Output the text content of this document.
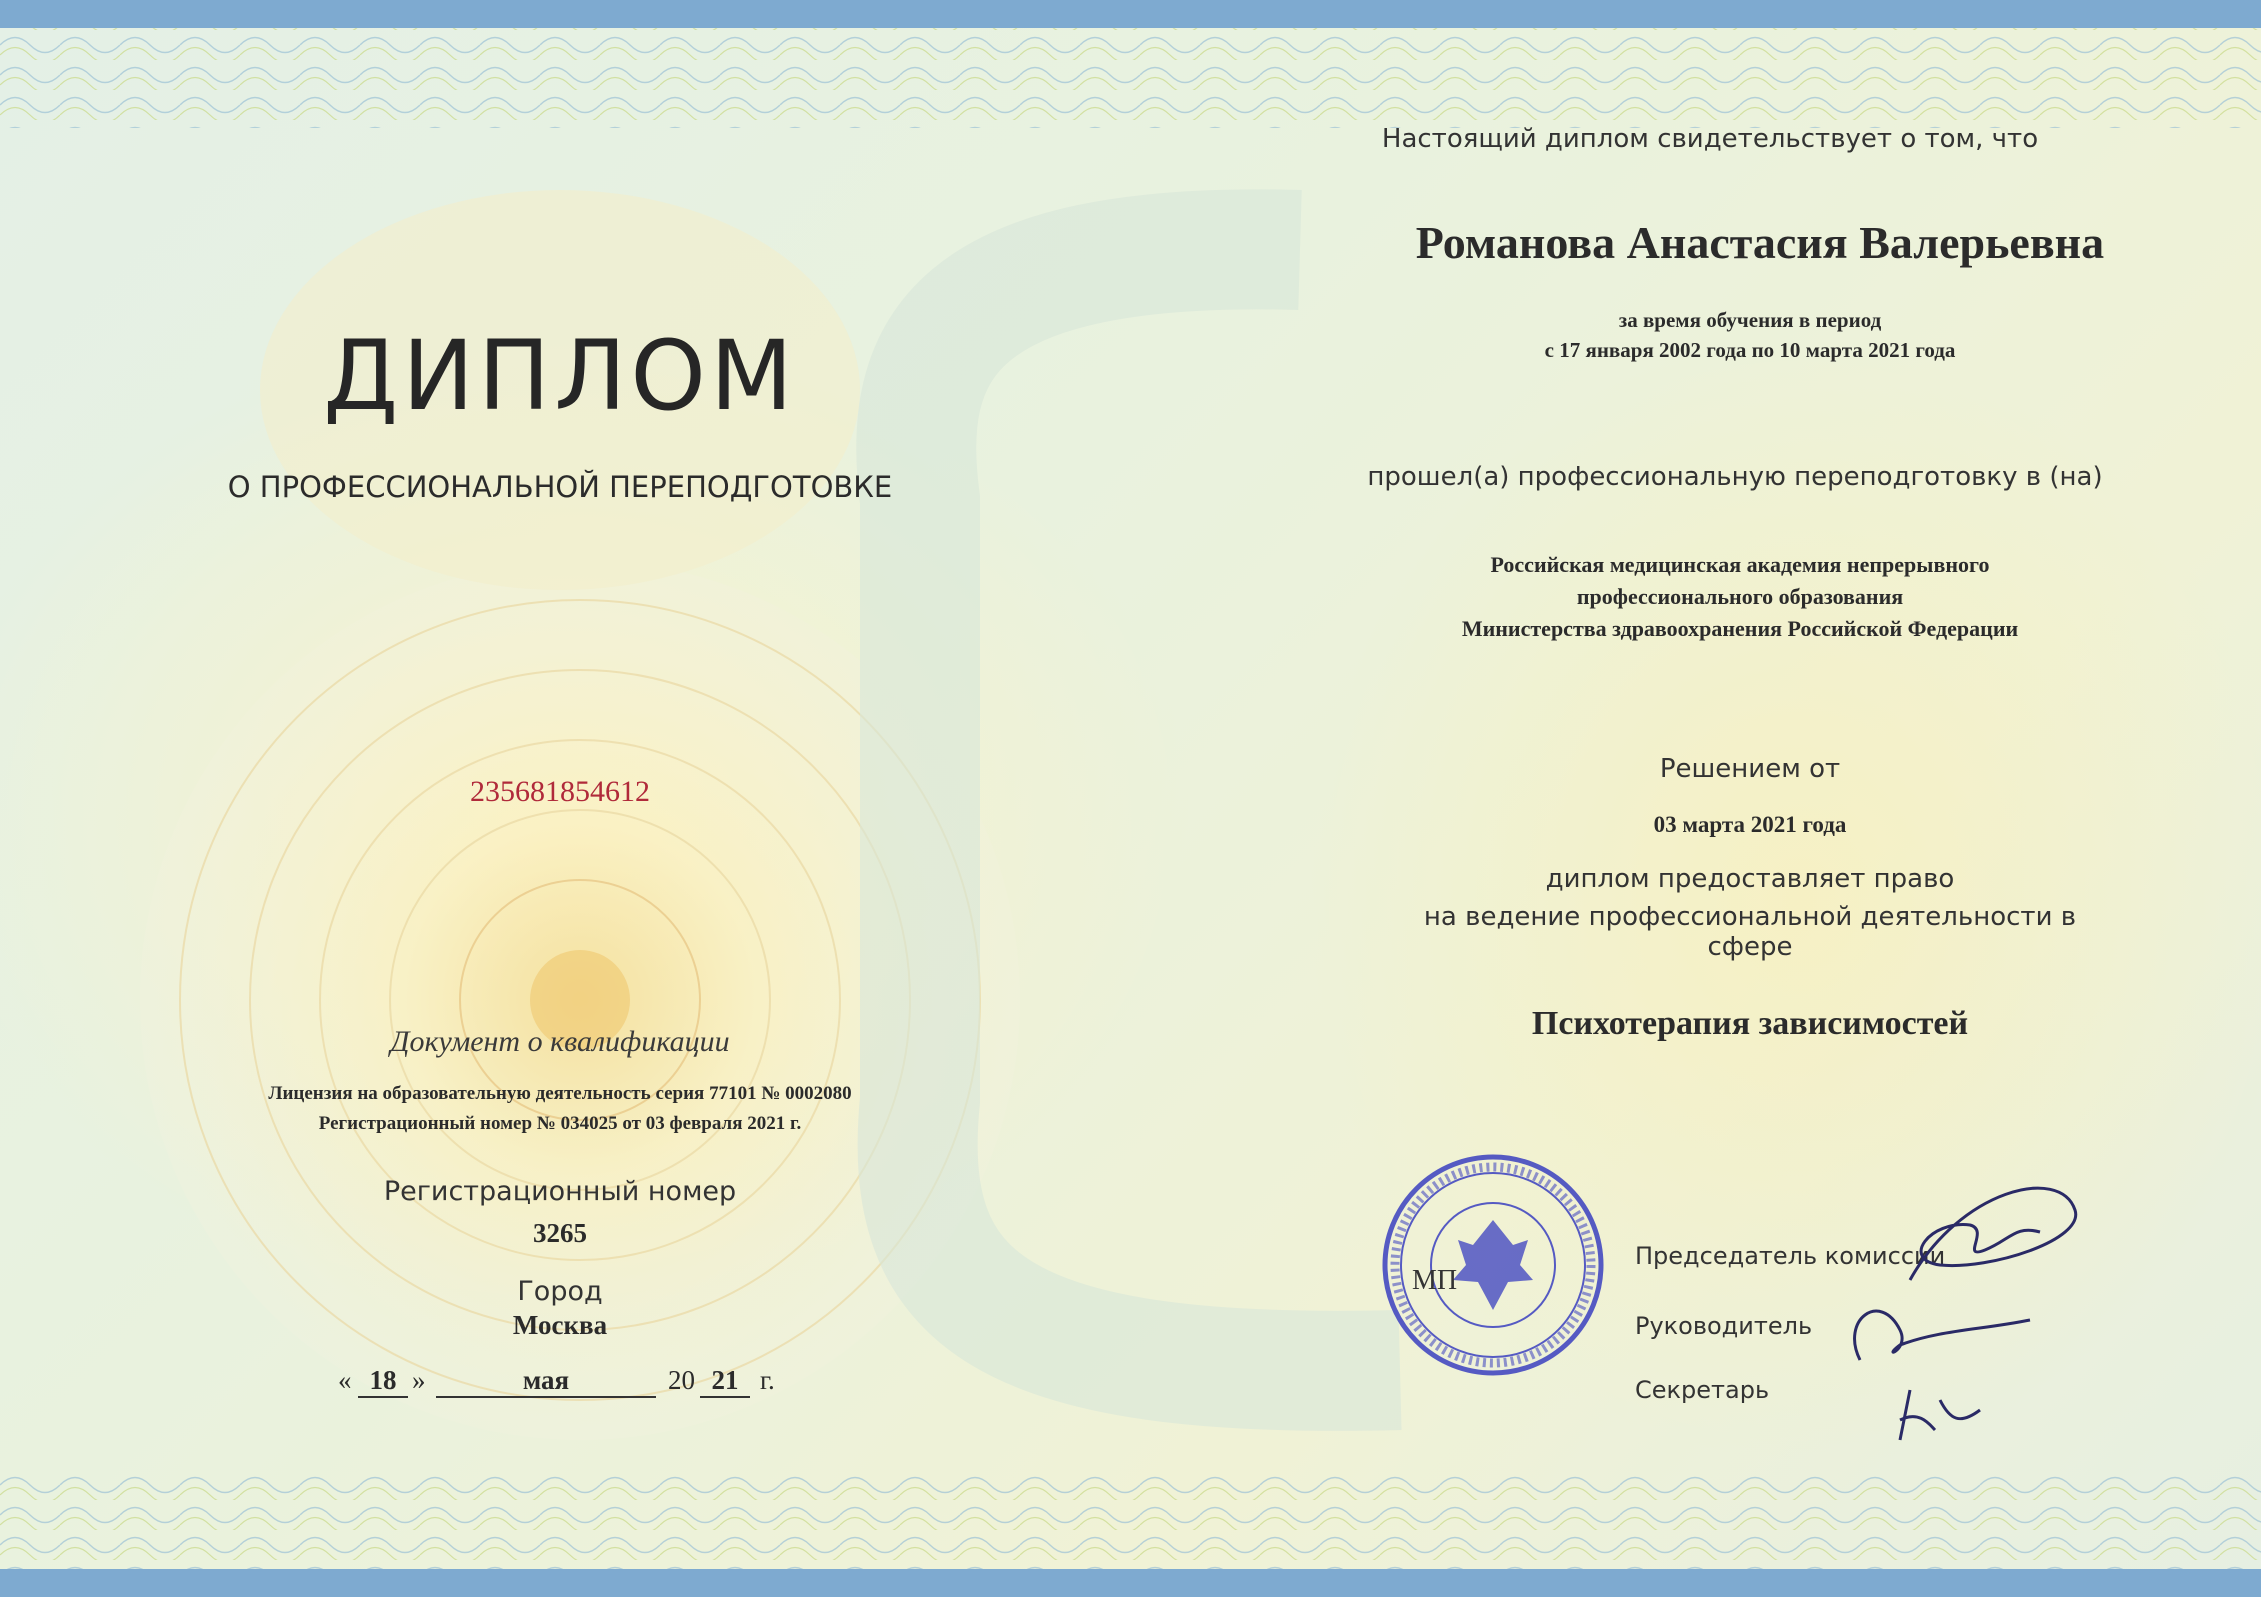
ДИПЛОМ
О ПРОФЕССИОНАЛЬНОЙ ПЕРЕПОДГОТОВКЕ
235681854612
Документ о квалификации
Лицензия на образовательную деятельность серия 77101 № 0002080
Регистрационный номер № 034025 от 03 февраля 2021 г.
Регистрационный номер
3265
Город
Москва
« 18 »	мая	20 21 г.
Настоящий диплом свидетельствует о том, что
Романова Анастасия Валерьевна
за время обучения в период
с 17 января 2002 года по 10 марта 2021 года
прошел(а) профессиональную переподготовку в (на)
Российская медицинская академия непрерывного
профессионального образования
Министерства здравоохранения Российской Федерации
Решением от
03 марта 2021 года
диплом предоставляет право
на ведение профессиональной деятельности в сфере
Психотерапия зависимостей
МП
Председатель комиссии
Руководитель
Секретарь
